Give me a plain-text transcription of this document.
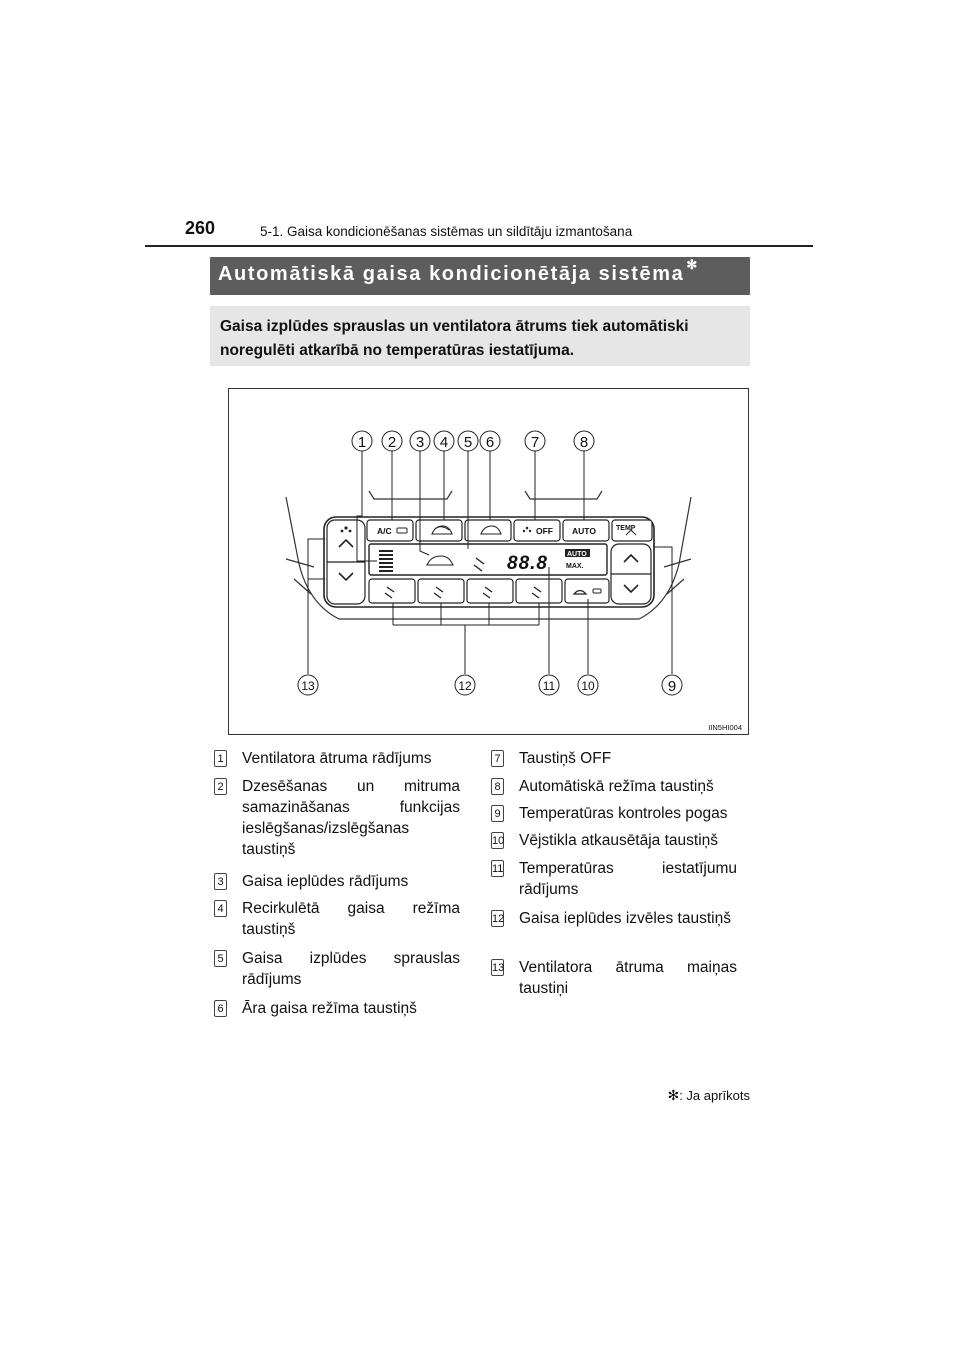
260	5-1. Gaisa kondicionēšanas sistēmas un sildītāju izmantošana
Automātiskā gaisa kondicionētāja sistēma ✻
Gaisa izplūdes sprauslas un ventilatora ātrums tiek automātiski noregulēti atkarībā no temperatūras iestatījuma.
A/C	OFF AUTO	TEMP
88.8	AUTO
MAX.
1 2 3 4 5 6 7	8
9
10
11
12
13
IIN5HI004
1 Ventilatora ātruma rādījums
2 Dzesēšanas un mitruma samazināšanas funkcijas ieslēgšanas/izslēgšanas taustiņš
3 Gaisa ieplūdes rādījums
4 Recirkulētā gaisa režīma taustiņš
5 Gaisa izplūdes sprauslas rādījums
6 Āra gaisa režīma taustiņš
7 Taustiņš OFF
8 Automātiskā režīma taustiņš
9 Temperatūras kontroles pogas
10 Vējstikla atkausētāja taustiņš
11 Temperatūras iestatījumu rādījums
12 Gaisa ieplūdes izvēles taustiņš
13 Ventilatora ātruma maiņas taustiņi
✻: Ja aprīkots
